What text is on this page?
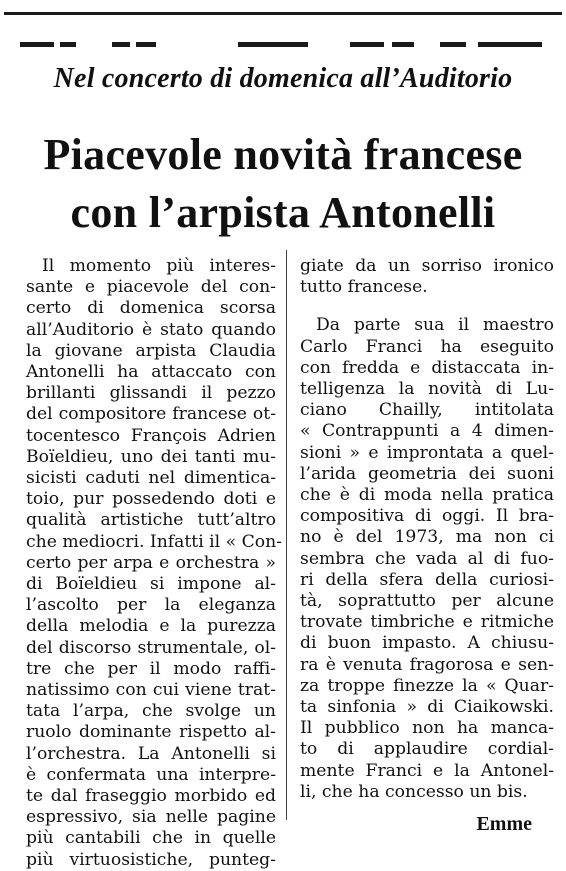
Nel concerto di domenica all’Auditorio
Piacevole novità francese
con l’arpista Antonelli
Il momento più interes-
sante e piacevole del con-
certo di domenica scorsa
all’Auditorio è stato quando
la giovane arpista Claudia
Antonelli ha attaccato con
brillanti glissandi il pezzo
del compositore francese ot-
tocentesco François Adrien
Boïeldieu, uno dei tanti mu-
sicisti caduti nel dimentica-
toio, pur possedendo doti e
qualità artistiche tutt’altro
che mediocri. Infatti il « Con-
certo per arpa e orchestra »
di Boïeldieu si impone al-
l’ascolto per la eleganza
della melodia e la purezza
del discorso strumentale, ol-
tre che per il modo raffi-
natissimo con cui viene trat-
tata l’arpa, che svolge un
ruolo dominante rispetto al-
l’orchestra. La Antonelli si
è confermata una interpre-
te dal fraseggio morbido ed
espressivo, sia nelle pagine
più cantabili che in quelle
più virtuosistiche, punteg-
giate da un sorriso ironico
tutto francese.
Da parte sua il maestro
Carlo Franci ha eseguito
con fredda e distaccata in-
telligenza la novità di Lu-
ciano Chailly, intitolata
« Contrappunti a 4 dimen-
sioni » e improntata a quel-
l’arida geometria dei suoni
che è di moda nella pratica
compositiva di oggi. Il bra-
no è del 1973, ma non ci
sembra che vada al di fuo-
ri della sfera della curiosi-
tà, soprattutto per alcune
trovate timbriche e ritmiche
di buon impasto. A chiusu-
ra è venuta fragorosa e sen-
za troppe finezze la « Quar-
ta sinfonia » di Ciaikowski.
Il pubblico non ha manca-
to di applaudire cordial-
mente Franci e la Antonel-
li, che ha concesso un bis.
Emme
